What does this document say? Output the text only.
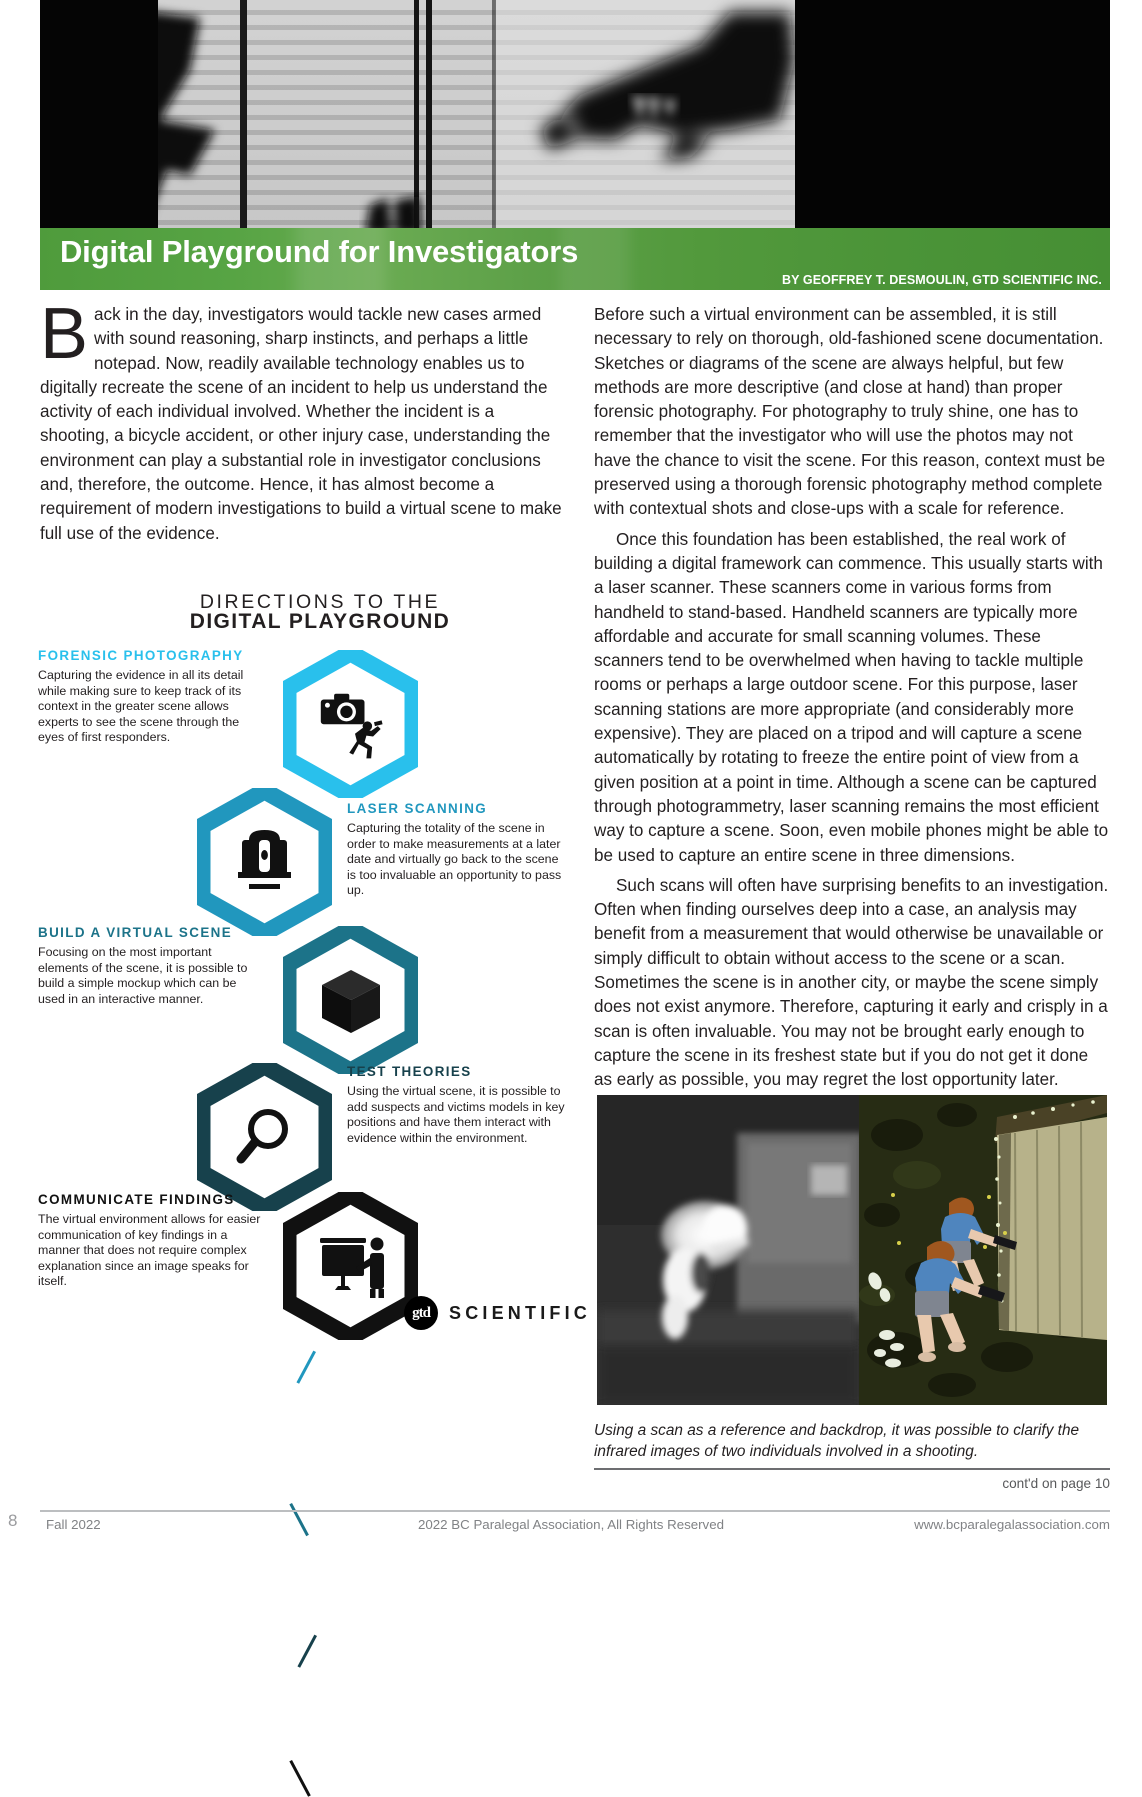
Digital Playground for Investigators
BY GEOFFREY T. DESMOULIN, GTD SCIENTIFIC INC.
Back in the day, investigators would tackle new cases armed with sound reasoning, sharp instincts, and perhaps a little notepad. Now, readily available technology enables us to digitally recreate the scene of an incident to help us understand the activity of each individual involved. Whether the incident is a shooting, a bicycle accident, or other injury case, understanding the environment can play a substantial role in investigator conclusions and, therefore, the outcome. Hence, it has almost become a requirement of modern investigations to build a virtual scene to make full use of the evidence.

Before such a virtual environment can be assembled, it is still necessary to rely on thorough, old-fashioned scene documentation. Sketches or diagrams of the scene are always helpful, but few methods are more descriptive (and close at hand) than proper forensic photography. For photography to truly shine, one has to remember that the investigator who will use the photos may not have the chance to visit the scene. For this reason, context must be preserved using a thorough forensic photography method complete with contextual shots and close-ups with a scale for reference.

Once this foundation has been established, the real work of building a digital framework can commence. This usually starts with a laser scanner. These scanners come in various forms from handheld to stand-based. Handheld scanners are typically more affordable and accurate for small scanning volumes. These scanners tend to be overwhelmed when having to tackle multiple rooms or perhaps a large outdoor scene. For this purpose, laser scanning stations are more appropriate (and considerably more expensive). They are placed on a tripod and will capture a scene automatically by rotating to freeze the entire point of view from a given position at a point in time. Although a scene can be captured through photogrammetry, laser scanning remains the most efficient way to capture a scene. Soon, even mobile phones might be able to be used to capture an entire scene in three dimensions.

Such scans will often have surprising benefits to an investigation. Often when finding ourselves deep into a case, an analysis may benefit from a measurement that would otherwise be unavailable or simply difficult to obtain without access to the scene or a scan. Sometimes the scene is in another city, or maybe the scene simply does not exist anymore. Therefore, capturing it early and crisply in a scan is often invaluable. You may not be brought early enough to capture the scene in its freshest state but if you do not get it done as early as possible, you may regret the lost opportunity later.

DIRECTIONS TO THE
DIGITAL PLAYGROUND
FORENSIC PHOTOGRAPHY

Capturing the evidence in all its detail while making sure to keep track of its context in the greater scene allows experts to see the scene through the eyes of first responders.

LASER SCANNING

Capturing the totality of the scene in order to make measurements at a later date and virtually go back to the scene is too invaluable an opportunity to pass up.

BUILD A VIRTUAL SCENE

Focusing on the most important elements of the scene, it is possible to build a simple mockup which can be used in an interactive manner.

TEST THEORIES

Using the virtual scene, it is possible to add suspects and victims models in key positions and have them interact with evidence within the environment.

COMMUNICATE FINDINGS

The virtual environment allows for easier communication of key findings in a manner that does not require complex explanation since an image speaks for itself.

gtd	SCIENTIFIC
Using a scan as a reference and backdrop, it was possible to clarify the infrared images of two individuals involved in a shooting.
cont'd on page 10
8 Fall 2022	2022 BC Paralegal Association, All Rights Reserved	www.bcparalegalassociation.com
